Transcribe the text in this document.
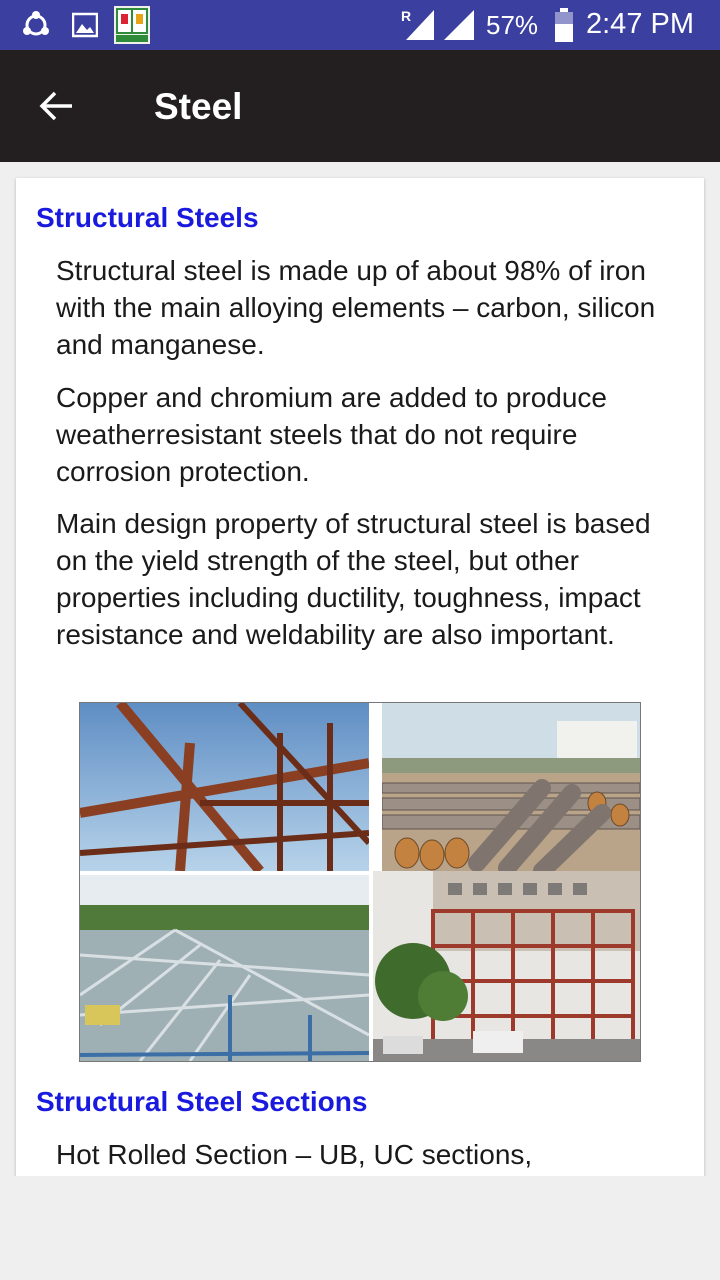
R	57% 2:47 PM
Steel
Structural Steels

Structural steel is made up of about 98% of iron with the main alloying elements – carbon, silicon and manganese.

Copper and chromium are added to produce weatherresistant steels that do not require corrosion protection.

Main design property of structural steel is based on the yield strength of the steel, but other properties including ductility, toughness, impact resistance and weldability are also important.

Structural Steel Sections

Hot Rolled Section – UB, UC sections,
